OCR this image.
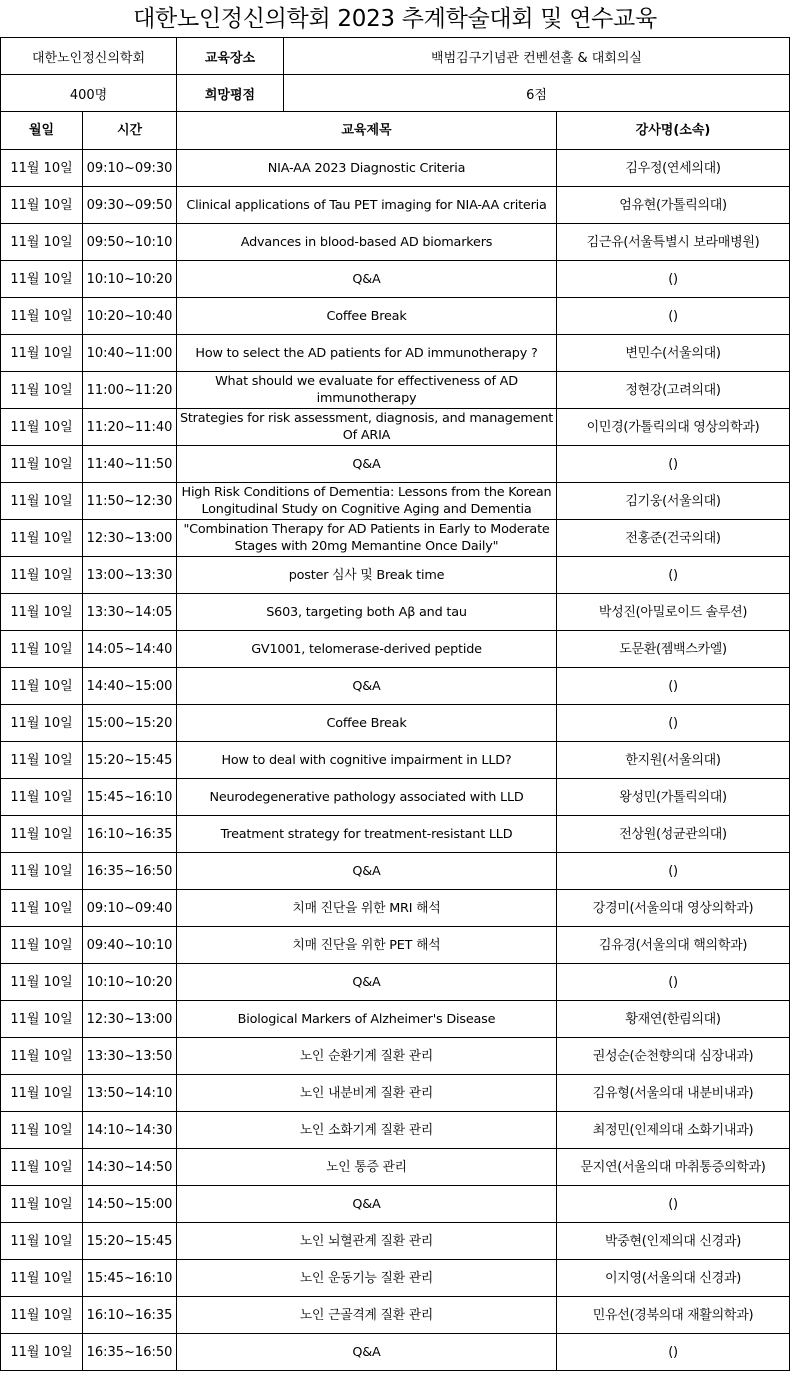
대한노인정신의학회 2023 추계학술대회 및 연수교육
대한노인정신의학회	교육장소	백범김구기념관 컨벤션홀 & 대회의실
400명	희망평점	6점
월일	시간	교육제목	강사명(소속)
11월 10일	09:10~09:30	NIA-AA 2023 Diagnostic Criteria	김우정(연세의대)
11월 10일	09:30~09:50	Clinical applications of Tau PET imaging for NIA-AA criteria	엄유현(가톨릭의대)
11월 10일	09:50~10:10	Advances in blood-based AD biomarkers	김근유(서울특별시 보라매병원)
11월 10일	10:10~10:20	Q&A	()
11월 10일	10:20~10:40	Coffee Break	()
11월 10일	10:40~11:00	How to select the AD patients for AD immunotherapy ?	변민수(서울의대)
11월 10일	11:00~11:20	What should we evaluate for effectiveness of AD immunotherapy	정현강(고려의대)
11월 10일	11:20~11:40	Strategies for risk assessment, diagnosis, and management Of ARIA	이민경(가톨릭의대 영상의학과)
11월 10일	11:40~11:50	Q&A	()
11월 10일	11:50~12:30	High Risk Conditions of Dementia: Lessons from the Korean Longitudinal Study on Cognitive Aging and Dementia	김기웅(서울의대)
11월 10일	12:30~13:00	"Combination Therapy for AD Patients in Early to Moderate Stages with 20mg Memantine Once Daily"	전홍준(건국의대)
11월 10일	13:00~13:30	poster 심사 및 Break time	()
11월 10일	13:30~14:05	S603, targeting both Aβ and tau	박성진(아밀로이드 솔루션)
11월 10일	14:05~14:40	GV1001, telomerase-derived peptide	도문환(젬백스카엘)
11월 10일	14:40~15:00	Q&A	()
11월 10일	15:00~15:20	Coffee Break	()
11월 10일	15:20~15:45	How to deal with cognitive impairment in LLD?	한지원(서울의대)
11월 10일	15:45~16:10	Neurodegenerative pathology associated with LLD	왕성민(가톨릭의대)
11월 10일	16:10~16:35	Treatment strategy for treatment-resistant LLD	전상원(성균관의대)
11월 10일	16:35~16:50	Q&A	()
11월 10일	09:10~09:40	치매 진단을 위한 MRI 해석	강경미(서울의대 영상의학과)
11월 10일	09:40~10:10	치매 진단을 위한 PET 해석	김유경(서울의대 핵의학과)
11월 10일	10:10~10:20	Q&A	()
11월 10일	12:30~13:00	Biological Markers of Alzheimer's Disease	황재연(한림의대)
11월 10일	13:30~13:50	노인 순환기계 질환 관리	권성순(순천향의대 심장내과)
11월 10일	13:50~14:10	노인 내분비계 질환 관리	김유형(서울의대 내분비내과)
11월 10일	14:10~14:30	노인 소화기계 질환 관리	최정민(인제의대 소화기내과)
11월 10일	14:30~14:50	노인 통증 관리	문지연(서울의대 마취통증의학과)
11월 10일	14:50~15:00	Q&A	()
11월 10일	15:20~15:45	노인 뇌혈관계 질환 관리	박중현(인제의대 신경과)
11월 10일	15:45~16:10	노인 운동기능 질환 관리	이지영(서울의대 신경과)
11월 10일	16:10~16:35	노인 근골격계 질환 관리	민유선(경북의대 재활의학과)
11월 10일	16:35~16:50	Q&A	()
